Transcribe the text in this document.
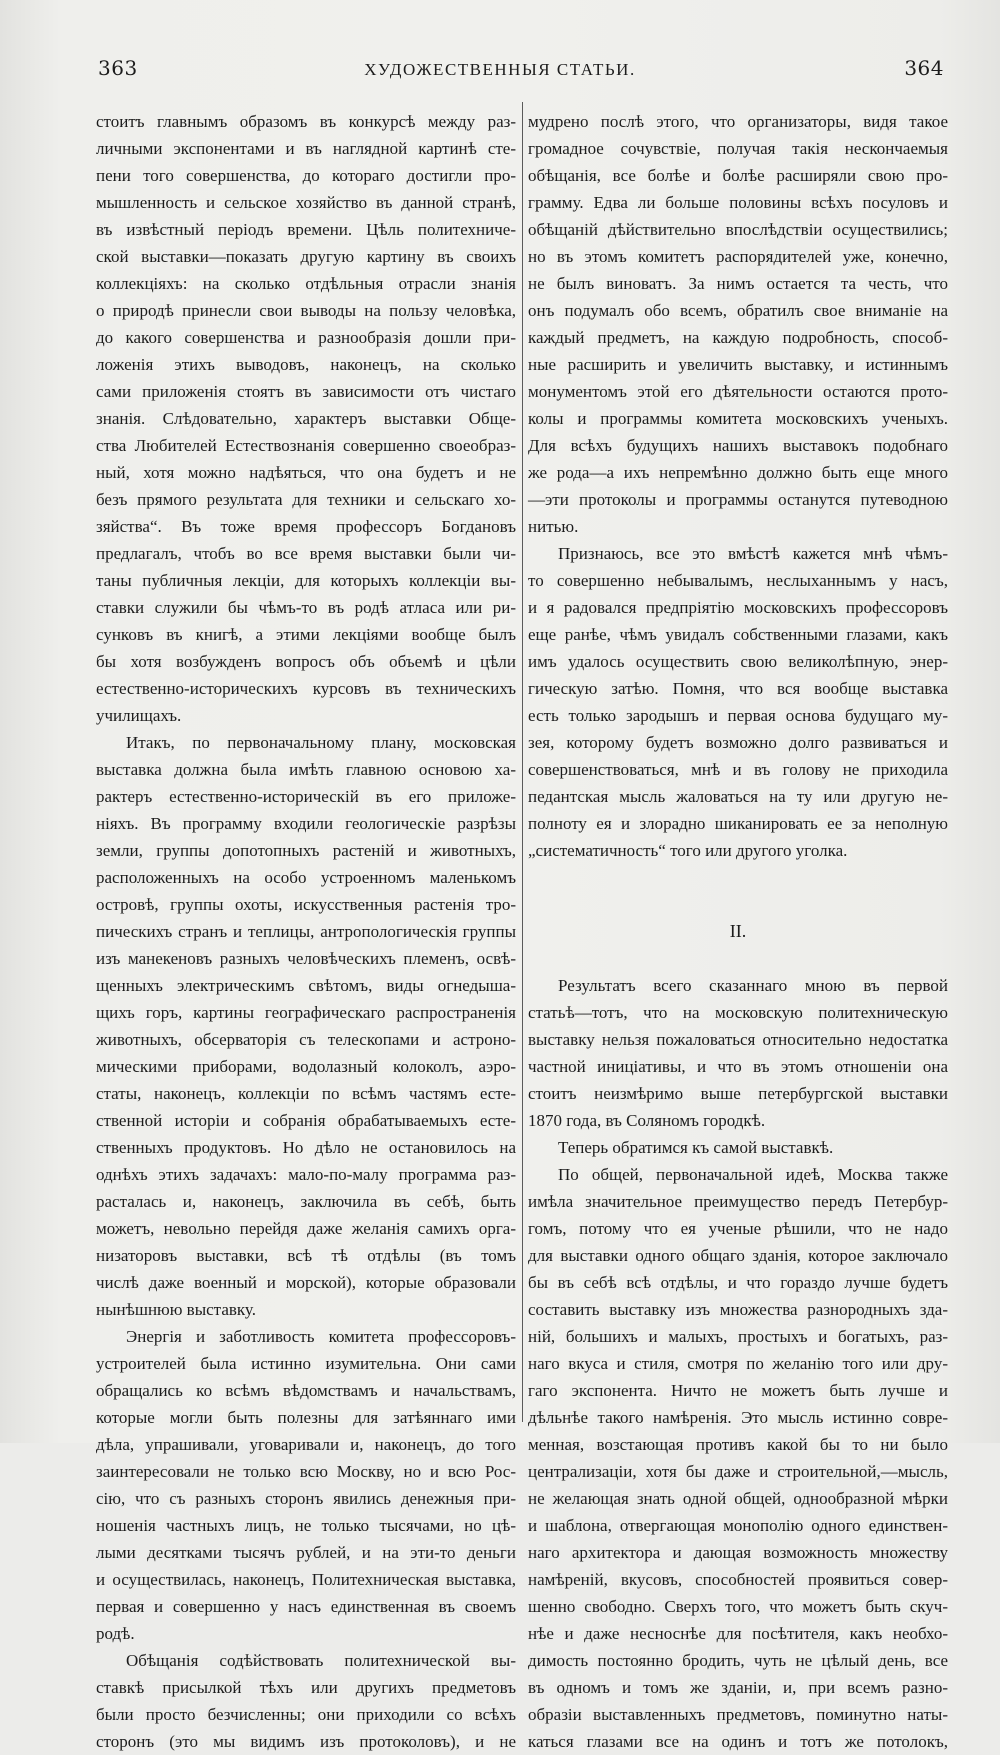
363	ХУДОЖЕСТВЕННЫЯ СТАТЬИ.	364
стоитъ главнымъ образомъ въ конкурсѣ между раз-
личными экспонентами и въ наглядной картинѣ сте-
пени того совершенства, до котораго достигли про-
мышленность и сельское хозяйство въ данной странѣ,
въ извѣстный періодъ времени. Цѣль политехниче-
ской выставки—показать другую картину въ своихъ
коллекціяхъ: на сколько отдѣльныя отрасли знанія
о природѣ принесли свои выводы на пользу человѣка,
до какого совершенства и разнообразія дошли при-
ложенія этихъ выводовъ, наконецъ, на сколько
сами приложенія стоятъ въ зависимости отъ чистаго
знанія. Слѣдовательно, характеръ выставки Обще-
ства Любителей Естествознанія совершенно своеобраз-
ный, хотя можно надѣяться, что она будетъ и не
безъ прямого результата для техники и сельскаго хо-
зяйства“. Въ тоже время профессоръ Богдановъ
предлагалъ, чтобъ во все время выставки были чи-
таны публичныя лекціи, для которыхъ коллекціи вы-
ставки служили бы чѣмъ-то въ родѣ атласа или ри-
сунковъ въ книгѣ, а этими лекціями вообще былъ
бы хотя возбужденъ вопросъ объ объемѣ и цѣли
естественно-историческихъ курсовъ въ техническихъ
училищахъ.
Итакъ, по первоначальному плану, московская
выставка должна была имѣть главною основою ха-
рактеръ естественно-историческій въ его приложе-
ніяхъ. Въ программу входили геологическіе разрѣзы
земли, группы допотопныхъ растеній и животныхъ,
расположенныхъ на особо устроенномъ маленькомъ
островѣ, группы охоты, искусственныя растенія тро-
пическихъ странъ и теплицы, антропологическія группы
изъ манекеновъ разныхъ человѣческихъ племенъ, освѣ-
щенныхъ электрическимъ свѣтомъ, виды огнедыша-
щихъ горъ, картины географическаго распространенія
животныхъ, обсерваторія съ телескопами и астроно-
мическими приборами, водолазный колоколъ, аэро-
статы, наконецъ, коллекціи по всѣмъ частямъ есте-
ственной исторіи и собранія обрабатываемыхъ есте-
ственныхъ продуктовъ. Но дѣло не остановилось на
однѣхъ этихъ задачахъ: мало-по-малу программа раз-
расталась и, наконецъ, заключила въ себѣ, быть
можетъ, невольно перейдя даже желанія самихъ орга-
низаторовъ выставки, всѣ тѣ отдѣлы (въ томъ
числѣ даже военный и морской), которые образовали
нынѣшнюю выставку.
Энергія и заботливость комитета профессоровъ-
устроителей была истинно изумительна. Они сами
обращались ко всѣмъ вѣдомствамъ и начальствамъ,
которые могли быть полезны для затѣяннаго ими
дѣла, упрашивали, уговаривали и, наконецъ, до того
заинтересовали не только всю Москву, но и всю Рос-
сію, что съ разныхъ сторонъ явились денежныя при-
ношенія частныхъ лицъ, не только тысячами, но цѣ-
лыми десятками тысячъ рублей, и на эти-то деньги
и осуществилась, наконецъ, Политехническая выставка,
первая и совершенно у насъ единственная въ своемъ
родѣ.
Обѣщанія содѣйствовать политехнической вы-
ставкѣ присылкой тѣхъ или другихъ предметовъ
были просто безчисленны; они приходили со всѣхъ
сторонъ (это мы видимъ изъ протоколовъ), и не
мудрено послѣ этого, что организаторы, видя такое
громадное сочувствіе, получая такія нескончаемыя
обѣщанія, все болѣе и болѣе расширяли свою про-
грамму. Едва ли больше половины всѣхъ посуловъ и
обѣщаній дѣйствительно впослѣдствіи осуществились;
но въ этомъ комитетъ распорядителей уже, конечно,
не былъ виноватъ. За нимъ остается та честь, что
онъ подумалъ обо всемъ, обратилъ свое вниманіе на
каждый предметъ, на каждую подробность, способ-
ные расширить и увеличить выставку, и истиннымъ
монументомъ этой его дѣятельности остаются прото-
колы и программы комитета московскихъ ученыхъ.
Для всѣхъ будущихъ нашихъ выставокъ подобнаго
же рода—а ихъ непремѣнно должно быть еще много
—эти протоколы и программы останутся путеводною
нитью.
Признаюсь, все это вмѣстѣ кажется мнѣ чѣмъ-
то совершенно небывалымъ, неслыханнымъ у насъ,
и я радовался предпріятію московскихъ профессоровъ
еще ранѣе, чѣмъ увидалъ собственными глазами, какъ
имъ удалось осуществить свою великолѣпную, энер-
гическую затѣю. Помня, что вся вообще выставка
есть только зародышъ и первая основа будущаго му-
зея, которому будетъ возможно долго развиваться и
совершенствоваться, мнѣ и въ голову не приходила
педантская мысль жаловаться на ту или другую не-
полноту ея и злорадно шиканировать ее за неполную
„систематичность“ того или другого уголка.
II.
Результатъ всего сказаннаго мною въ первой
статьѣ—тотъ, что на московскую политехническую
выставку нельзя пожаловаться относительно недостатка
частной иниціативы, и что въ этомъ отношеніи она
стоитъ неизмѣримо выше петербургской выставки
1870 года, въ Соляномъ городкѣ.
Теперь обратимся къ самой выставкѣ.
По общей, первоначальной идеѣ, Москва также
имѣла значительное преимущество передъ Петербур-
гомъ, потому что ея ученые рѣшили, что не надо
для выставки одного общаго зданія, которое заключало
бы въ себѣ всѣ отдѣлы, и что гораздо лучше будетъ
составить выставку изъ множества разнородныхъ зда-
ній, большихъ и малыхъ, простыхъ и богатыхъ, раз-
наго вкуса и стиля, смотря по желанію того или дру-
гаго экспонента. Ничто не можетъ быть лучше и
дѣльнѣе такого намѣренія. Это мысль истинно совре-
менная, возстающая противъ какой бы то ни было
централизаціи, хотя бы даже и строительной,—мысль,
не желающая знать одной общей, однообразной мѣрки
и шаблона, отвергающая монополію одного единствен-
наго архитектора и дающая возможность множеству
намѣреній, вкусовъ, способностей проявиться совер-
шенно свободно. Сверхъ того, что можетъ быть скуч-
нѣе и даже несноснѣе для посѣтителя, какъ необхо-
димость постоянно бродить, чуть не цѣлый день, все
въ одномъ и томъ же зданіи, и, при всемъ разно-
образіи выставленныхъ предметовъ, поминутно наты-
каться глазами все на одинъ и тотъ же потолокъ,
